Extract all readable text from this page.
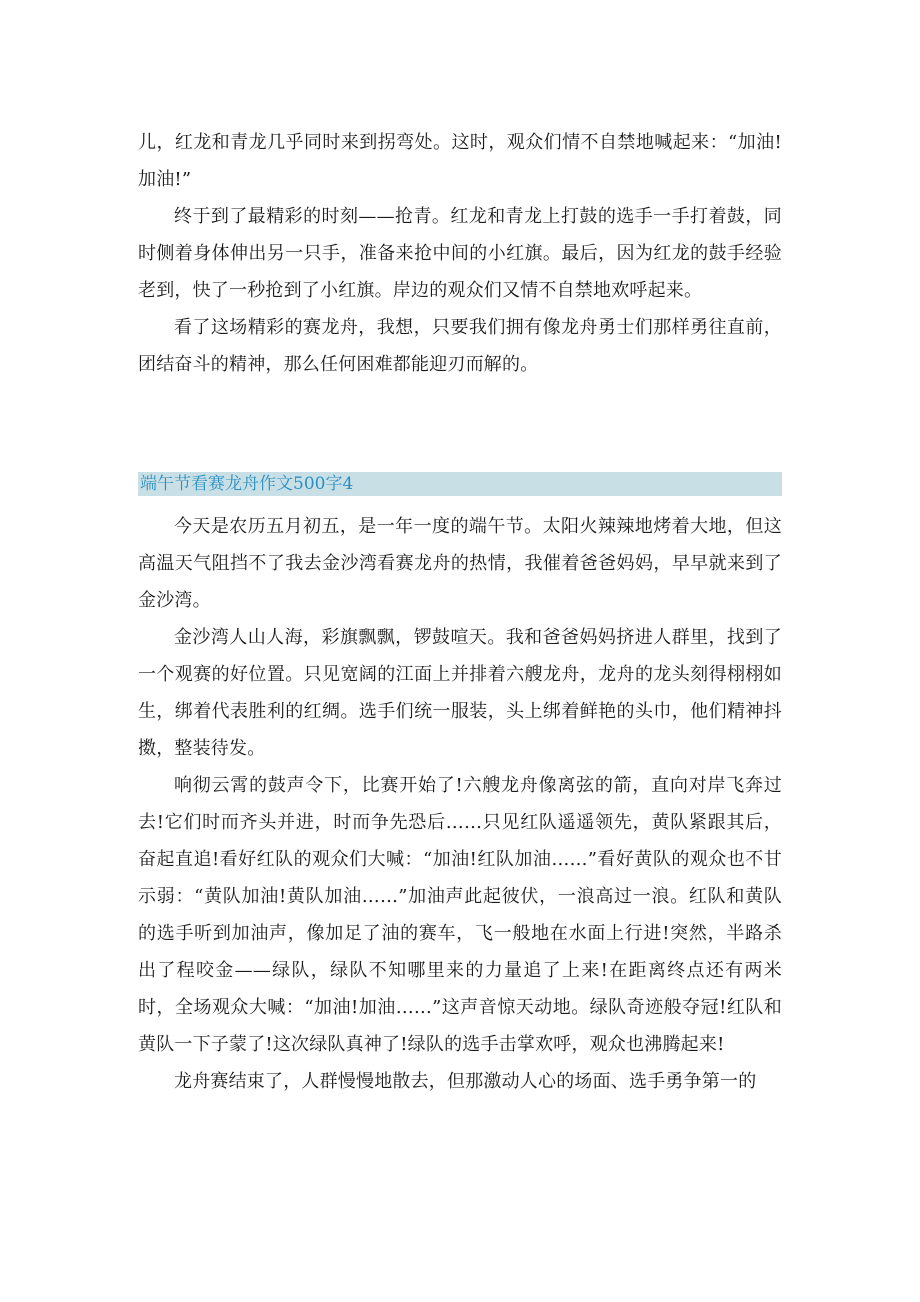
儿，红龙和青龙几乎同时来到拐弯处。这时，观众们情不自禁地喊起来：“加油!加油!”

终于到了最精彩的时刻——抢青。红龙和青龙上打鼓的选手一手打着鼓，同时侧着身体伸出另一只手，准备来抢中间的小红旗。最后，因为红龙的鼓手经验老到，快了一秒抢到了小红旗。岸边的观众们又情不自禁地欢呼起来。

看了这场精彩的赛龙舟，我想，只要我们拥有像龙舟勇士们那样勇往直前，团结奋斗的精神，那么任何困难都能迎刃而解的。

端午节看赛龙舟作文500字4

今天是农历五月初五，是一年一度的端午节。太阳火辣辣地烤着大地，但这高温天气阻挡不了我去金沙湾看赛龙舟的热情，我催着爸爸妈妈，早早就来到了金沙湾。

金沙湾人山人海，彩旗飘飘，锣鼓喧天。我和爸爸妈妈挤进人群里，找到了一个观赛的好位置。只见宽阔的江面上并排着六艘龙舟，龙舟的龙头刻得栩栩如生，绑着代表胜利的红绸。选手们统一服装，头上绑着鲜艳的头巾，他们精神抖擞，整装待发。

响彻云霄的鼓声令下，比赛开始了!六艘龙舟像离弦的箭，直向对岸飞奔过去!它们时而齐头并进，时而争先恐后……只见红队遥遥领先，黄队紧跟其后，奋起直追!看好红队的观众们大喊：“加油!红队加油……”看好黄队的观众也不甘示弱：“黄队加油!黄队加油……”加油声此起彼伏，一浪高过一浪。红队和黄队的选手听到加油声，像加足了油的赛车，飞一般地在水面上行进!突然，半路杀出了程咬金——绿队，绿队不知哪里来的力量追了上来!在距离终点还有两米时，全场观众大喊：“加油!加油……”这声音惊天动地。绿队奇迹般夺冠!红队和黄队一下子蒙了!这次绿队真神了!绿队的选手击掌欢呼，观众也沸腾起来!

龙舟赛结束了，人群慢慢地散去，但那激动人心的场面、选手勇争第一的
